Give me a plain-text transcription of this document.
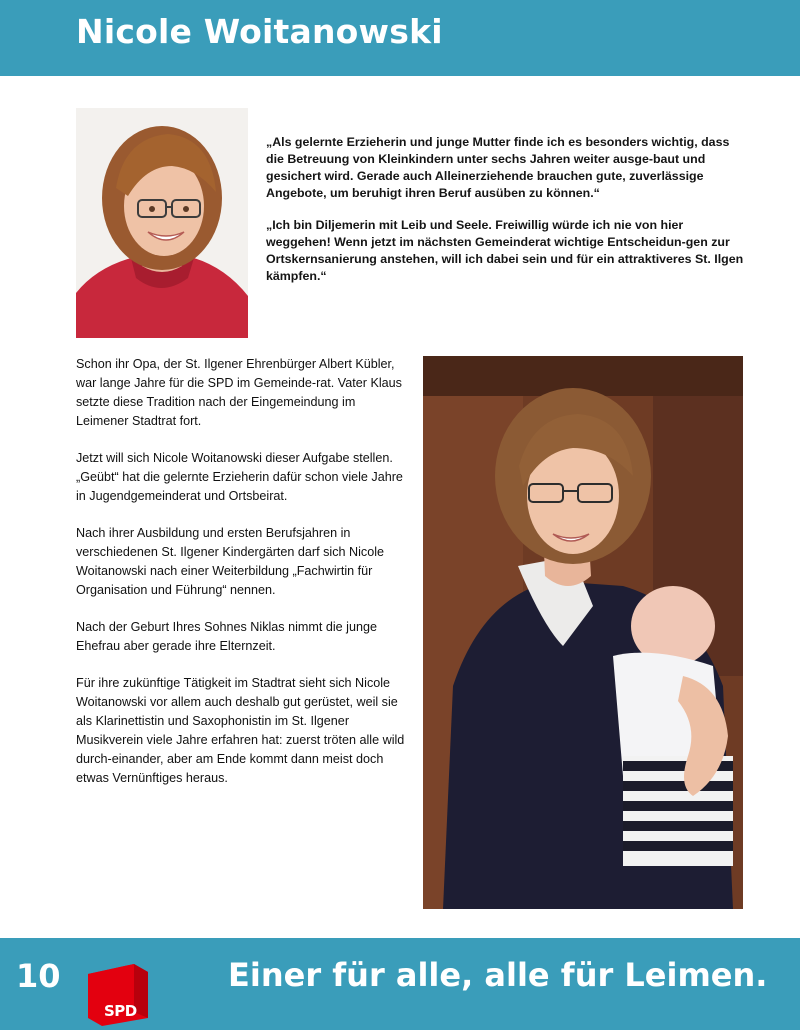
Nicole Woitanowski

„Als gelernte Erzieherin und junge Mutter finde ich es besonders wichtig, dass die Betreuung von Kleinkindern unter sechs Jahren weiter ausge-baut und gesichert wird. Gerade auch Alleinerziehende brauchen gute, zuverlässige Angebote, um beruhigt ihren Beruf ausüben zu können.“

„Ich bin Diljemerin mit Leib und Seele. Freiwillig würde ich nie von hier weggehen! Wenn jetzt im nächsten Gemeinderat wichtige Entscheidun-gen zur Ortskernsanierung anstehen, will ich dabei sein und für ein attraktiveres St. Ilgen kämpfen.“

Schon ihr Opa, der St. Ilgener Ehrenbürger Albert Kübler, war lange Jahre für die SPD im Gemeinde-rat. Vater Klaus setzte diese Tradition nach der Eingemeindung im Leimener Stadtrat fort.

Jetzt will sich Nicole Woitanowski dieser Aufgabe stellen. „Geübt“ hat die gelernte Erzieherin dafür schon viele Jahre in Jugendgemeinderat und Ortsbeirat.

Nach ihrer Ausbildung und ersten Berufsjahren in verschiedenen St. Ilgener Kindergärten darf sich Nicole Woitanowski nach einer Weiterbildung „Fachwirtin für Organisation und Führung“ nennen.

Nach der Geburt Ihres Sohnes Niklas nimmt die junge Ehefrau aber gerade ihre Elternzeit.

Für ihre zukünftige Tätigkeit im Stadtrat sieht sich Nicole Woitanowski vor allem auch deshalb gut gerüstet, weil sie als Klarinettistin und Saxophonistin im St. Ilgener Musikverein viele Jahre erfahren hat: zuerst tröten alle wild durch-einander, aber am Ende kommt dann meist doch etwas Vernünftiges heraus.

10
SPD
Einer für alle, alle für Leimen.
